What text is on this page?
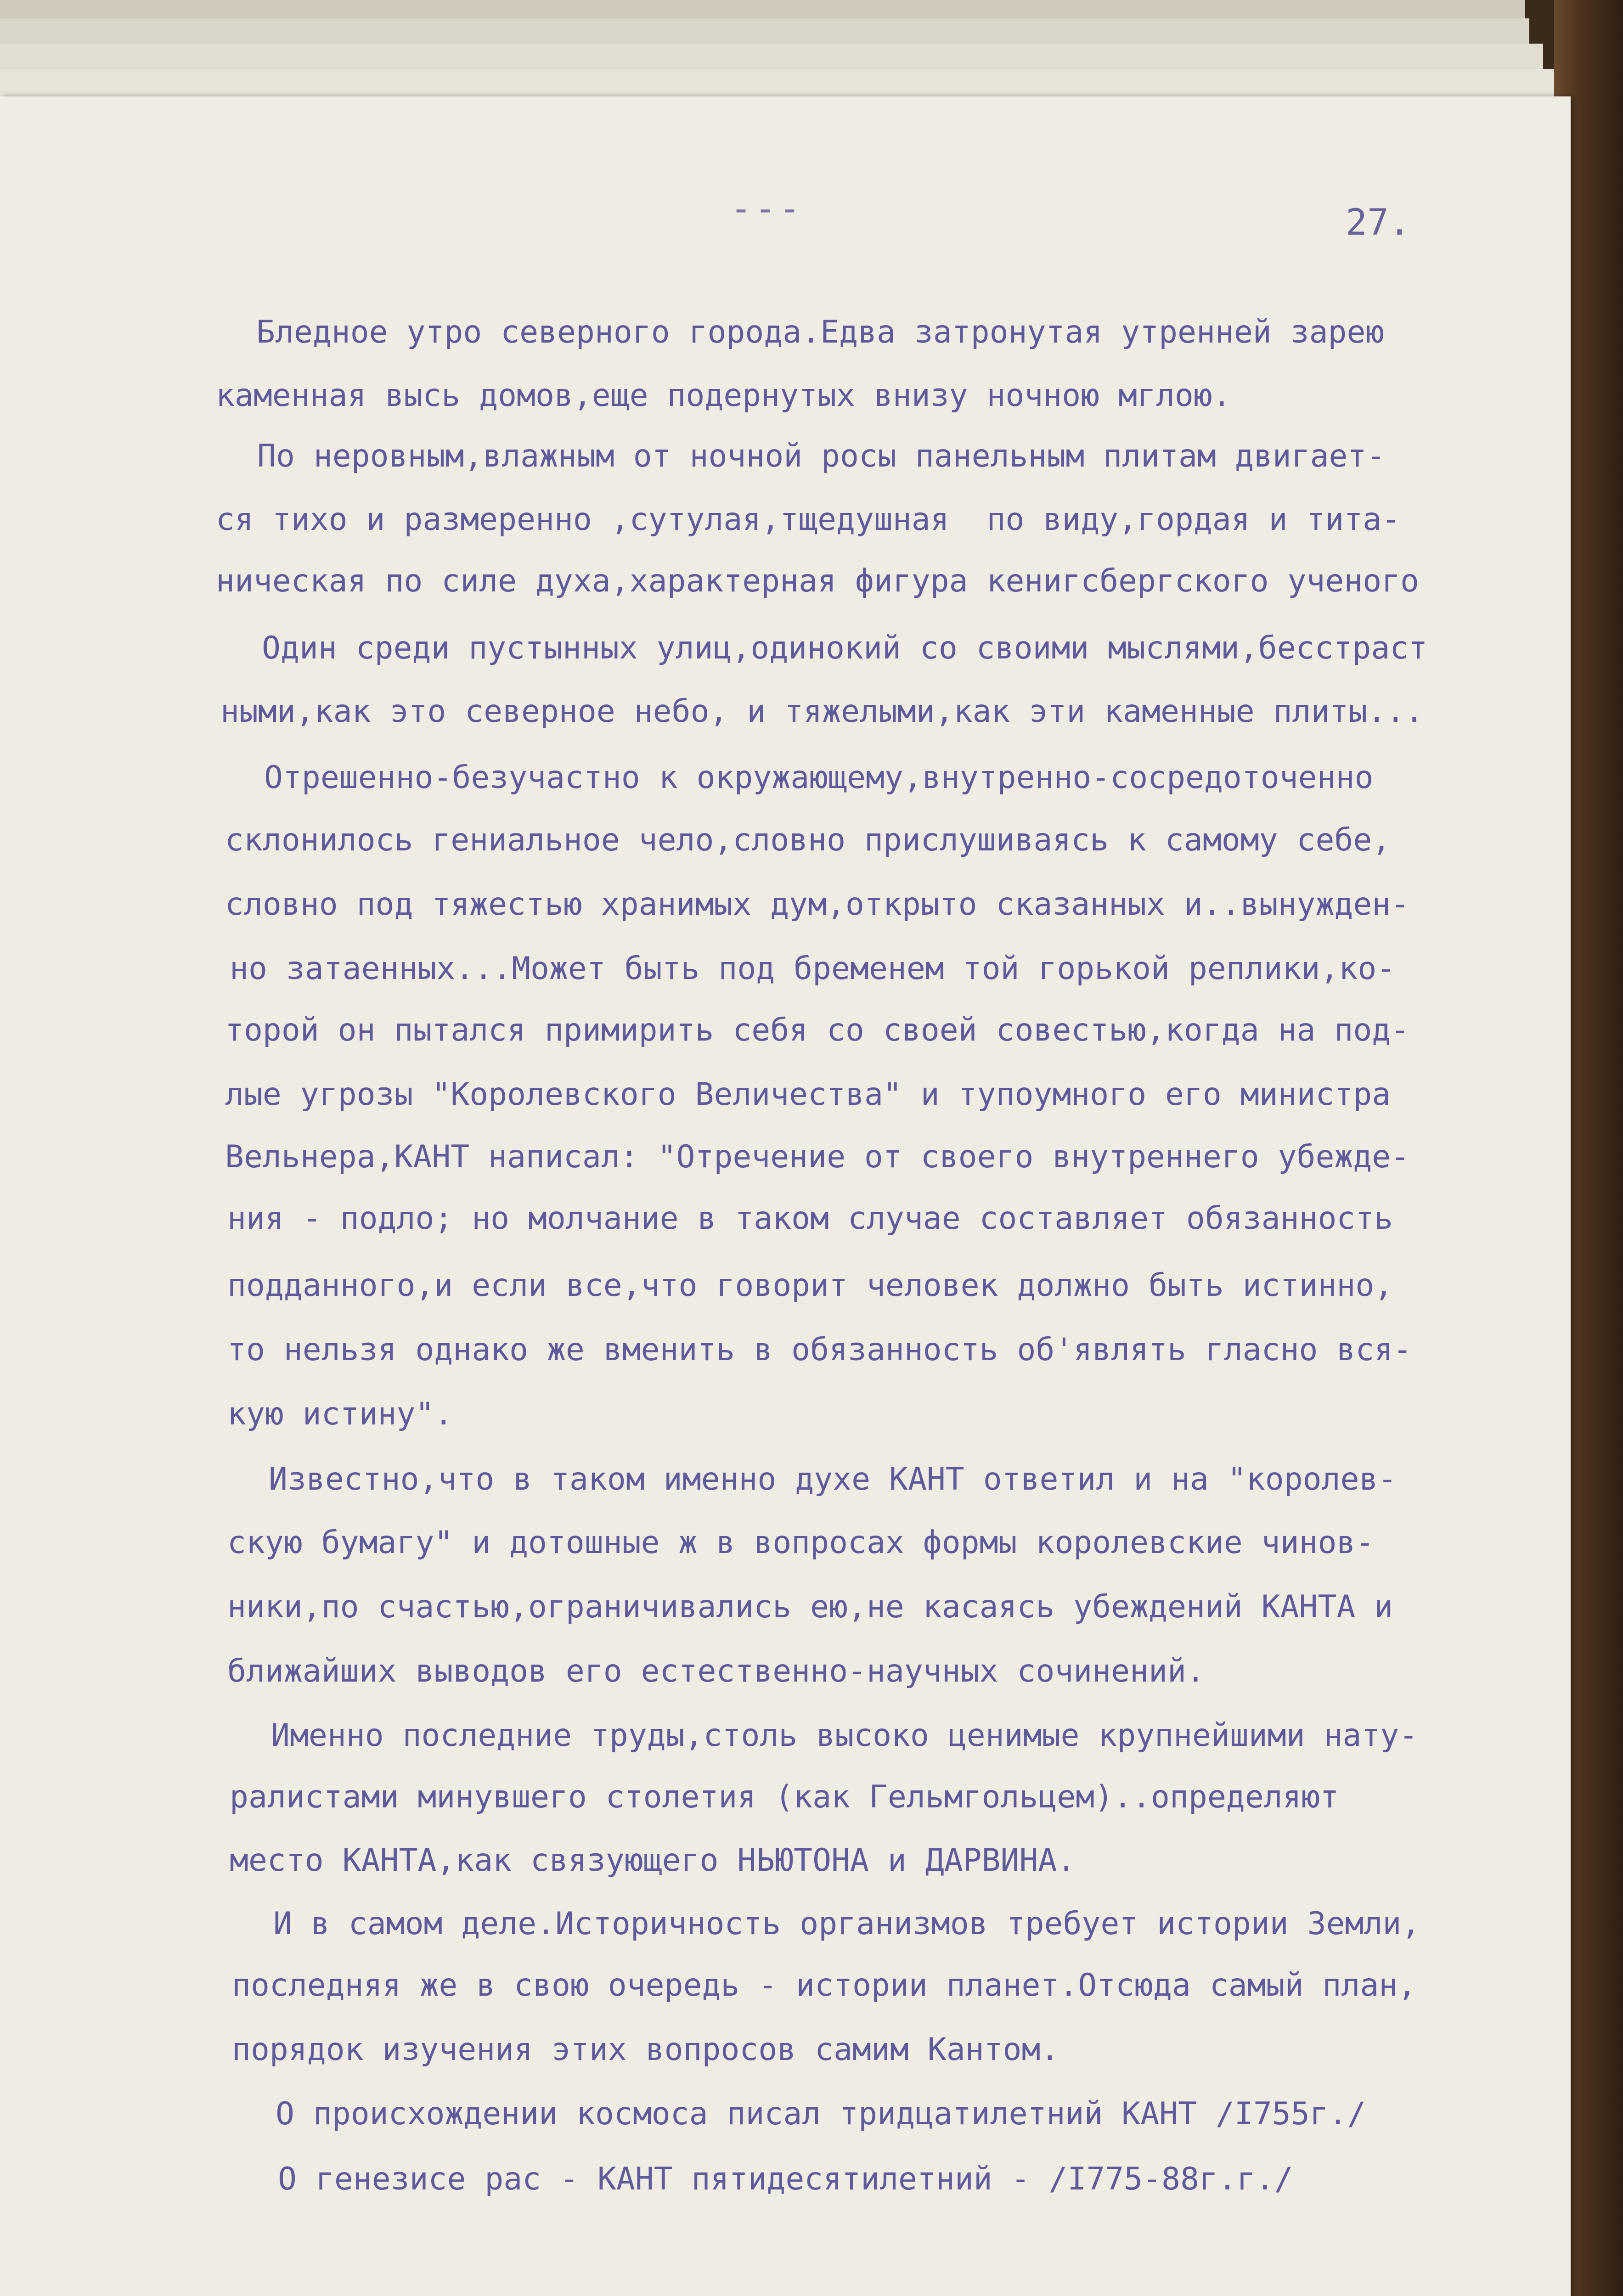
---	27.
Бледное утро северного города.Едва затронутая утренней зарею
каменная высь домов,еще подернутых внизу ночною мглою.
По неровным,влажным от ночной росы панельным плитам двигает-
ся тихо и размеренно ,сутулая,тщедушная  по виду,гордая и тита-
ническая по силе духа,характерная фигура кенигсбергского ученого
Один среди пустынных улиц,одинокий со своими мыслями,бесстраст
ными,как это северное небо, и тяжелыми,как эти каменные плиты...
Отрешенно-безучастно к окружающему,внутренно-сосредоточенно
склонилось гениальное чело,словно прислушиваясь к самому себе,
словно под тяжестью хранимых дум,открыто сказанных и..вынужден-
но затаенных...Может быть под бременем той горькой реплики,ко-
торой он пытался примирить себя со своей совестью,когда на под-
лые угрозы "Королевского Величества" и тупоумного его министра
Вельнера,КАНТ написал: "Отречение от своего внутреннего убежде-
ния - подло; но молчание в таком случае составляет обязанность
подданного,и если все,что говорит человек должно быть истинно,
то нельзя однако же вменить в обязанность об'являть гласно вся-
кую истину".
Известно,что в таком именно духе КАНТ ответил и на "королев-
скую бумагу" и дотошные ж в вопросах формы королевские чинов-
ники,по счастью,ограничивались ею,не касаясь убеждений КАНТА и
ближайших выводов его естественно-научных сочинений.
Именно последние труды,столь высоко ценимые крупнейшими нату-
ралистами минувшего столетия (как Гельмгольцем)..определяют
место КАНТА,как связующего НЬЮТОНА и ДАРВИНА.
И в самом деле.Историчность организмов требует истории Земли,
последняя же в свою очередь - истории планет.Отсюда самый план,
порядок изучения этих вопросов самим Кантом.
О происхождении космоса писал тридцатилетний КАНТ /I755г./
О генезисе рас - КАНТ пятидесятилетний - /I775-88г.г./
